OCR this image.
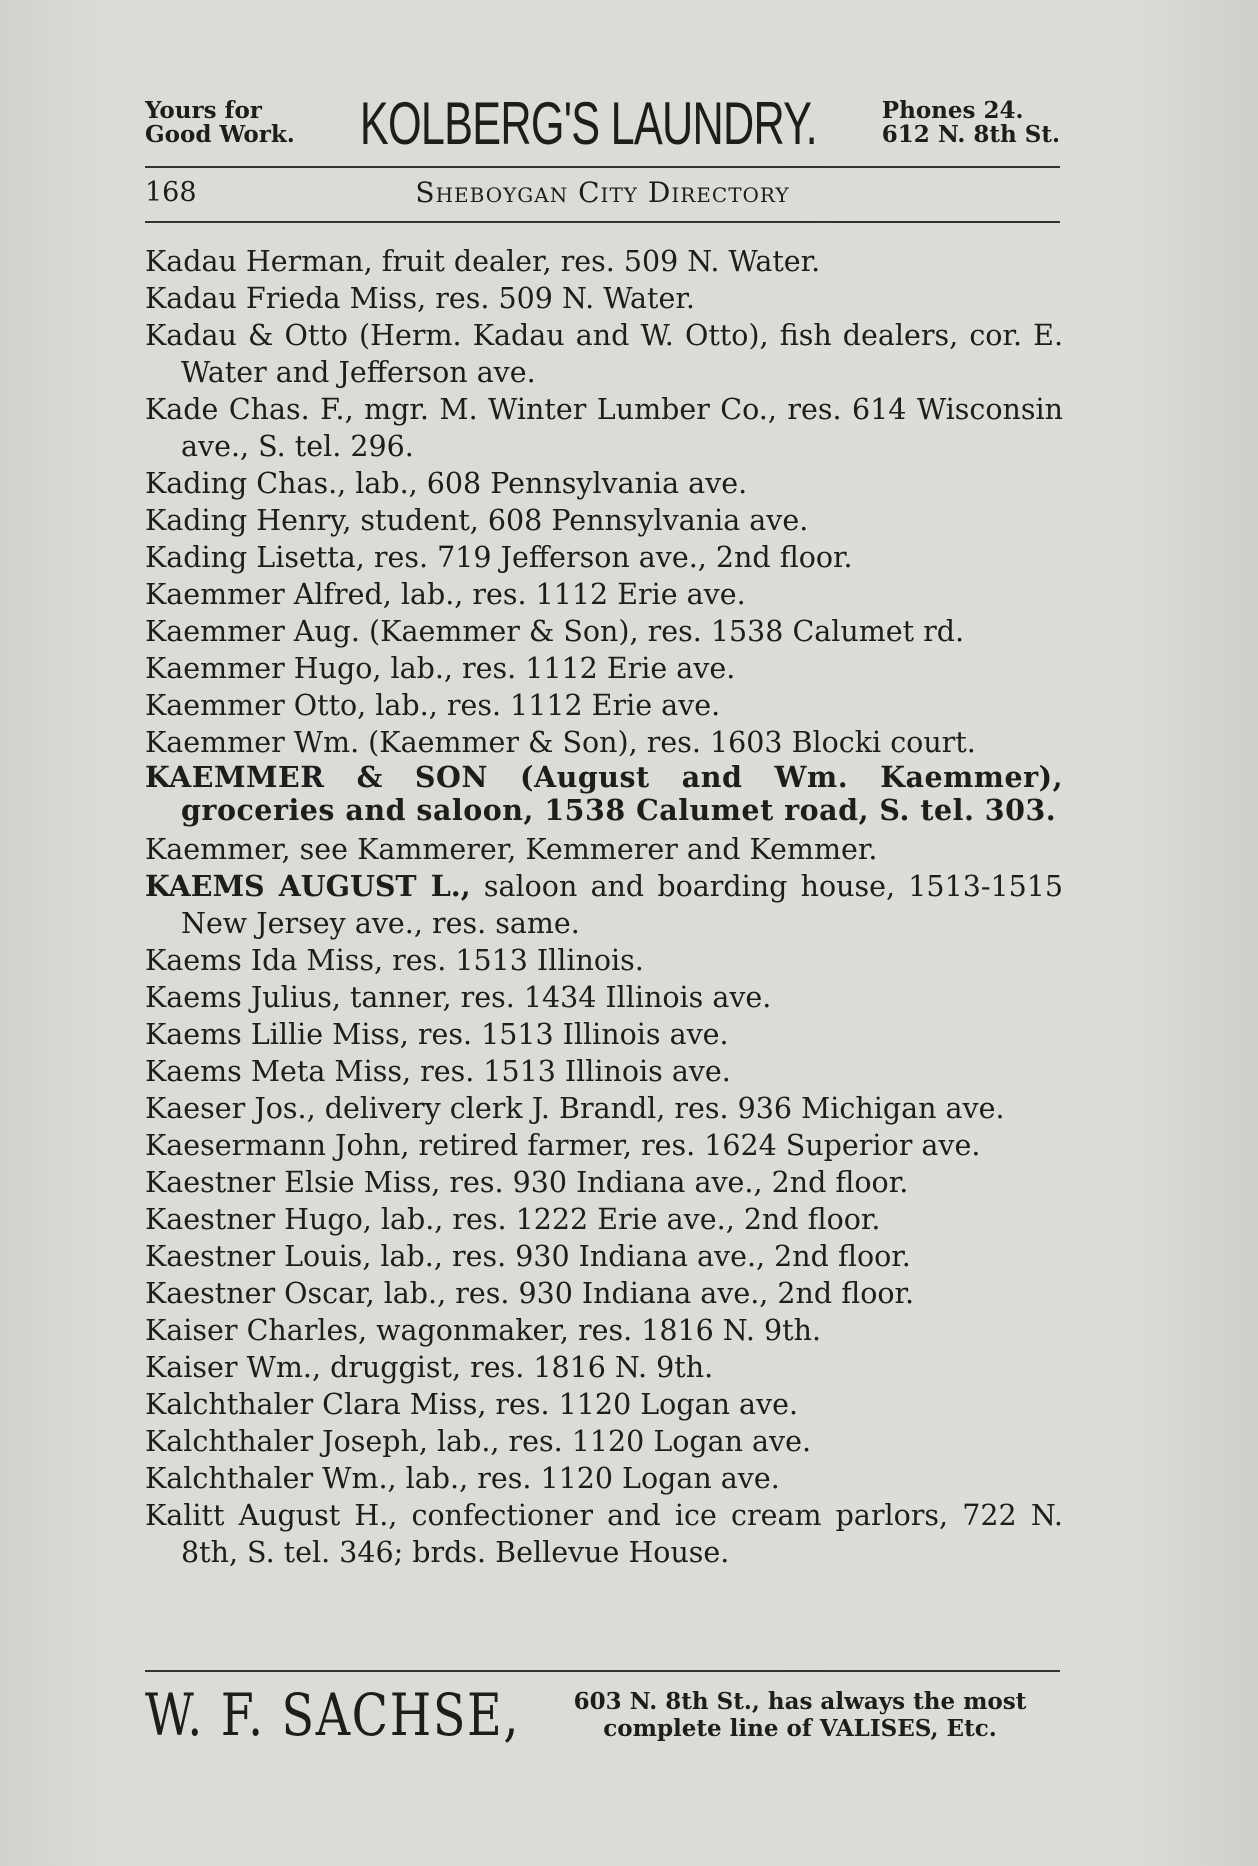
Yours for
Good Work. KOLBERG'S LAUNDRY.	Phones 24.
612 N. 8th St.
168	Sheboygan City Directory
Kadau Herman, fruit dealer, res. 509 N. Water.
Kadau Frieda Miss, res. 509 N. Water.
Kadau & Otto (Herm. Kadau and W. Otto), fish dealers, cor. E. Water and Jefferson ave.
Kade Chas. F., mgr. M. Winter Lumber Co., res. 614 Wisconsin ave., S. tel. 296.
Kading Chas., lab., 608 Pennsylvania ave.
Kading Henry, student, 608 Pennsylvania ave.
Kading Lisetta, res. 719 Jefferson ave., 2nd floor.
Kaemmer Alfred, lab., res. 1112 Erie ave.
Kaemmer Aug. (Kaemmer & Son), res. 1538 Calumet rd.
Kaemmer Hugo, lab., res. 1112 Erie ave.
Kaemmer Otto, lab., res. 1112 Erie ave.
Kaemmer Wm. (Kaemmer & Son), res. 1603 Blocki court.
KAEMMER & SON (August and Wm. Kaemmer), groceries and saloon, 1538 Calumet road, S. tel. 303.
Kaemmer, see Kammerer, Kemmerer and Kemmer.
KAEMS AUGUST L., saloon and boarding house, 1513-1515 New Jersey ave., res. same.
Kaems Ida Miss, res. 1513 Illinois.
Kaems Julius, tanner, res. 1434 Illinois ave.
Kaems Lillie Miss, res. 1513 Illinois ave.
Kaems Meta Miss, res. 1513 Illinois ave.
Kaeser Jos., delivery clerk J. Brandl, res. 936 Michigan ave.
Kaesermann John, retired farmer, res. 1624 Superior ave.
Kaestner Elsie Miss, res. 930 Indiana ave., 2nd floor.
Kaestner Hugo, lab., res. 1222 Erie ave., 2nd floor.
Kaestner Louis, lab., res. 930 Indiana ave., 2nd floor.
Kaestner Oscar, lab., res. 930 Indiana ave., 2nd floor.
Kaiser Charles, wagonmaker, res. 1816 N. 9th.
Kaiser Wm., druggist, res. 1816 N. 9th.
Kalchthaler Clara Miss, res. 1120 Logan ave.
Kalchthaler Joseph, lab., res. 1120 Logan ave.
Kalchthaler Wm., lab., res. 1120 Logan ave.
Kalitt August H., confectioner and ice cream parlors, 722 N. 8th, S. tel. 346; brds. Bellevue House.
W. F. SACHSE,	603 N. 8th St., has always the most
complete line of VALISES, Etc.
